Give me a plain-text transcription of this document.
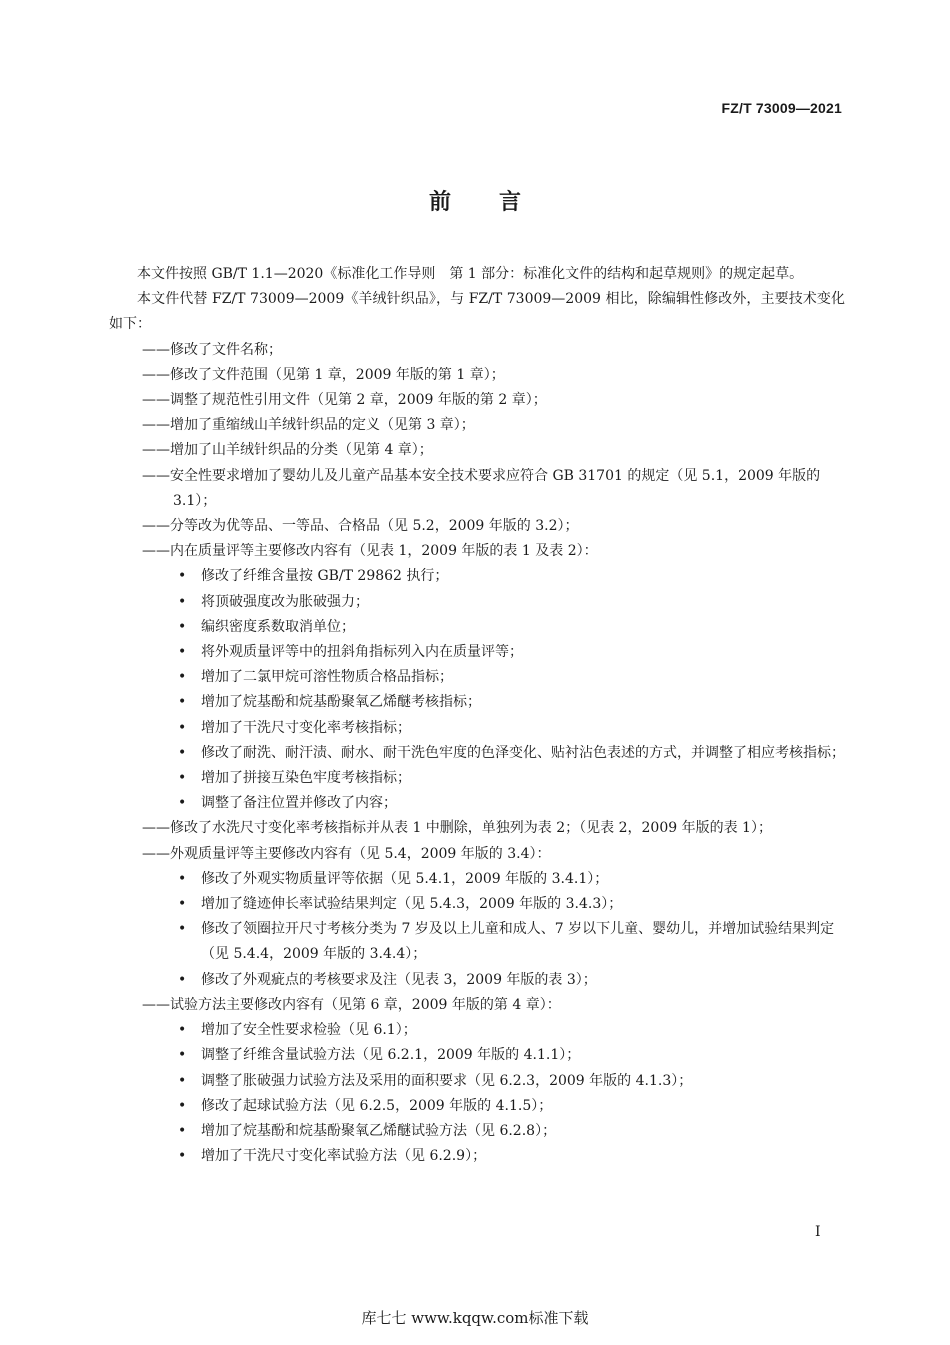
FZ/T 73009—2021
前言

本文件按照 GB/T 1.1—2020《标准化工作导则　第 1 部分：标准化文件的结构和起草规则》的规定起草。

本文件代替 FZ/T 73009—2009《羊绒针织品》，与 FZ/T 73009—2009 相比，除编辑性修改外，主要技术变化如下：

——修改了文件名称；
——修改了文件范围（见第 1 章，2009 年版的第 1 章）；
——调整了规范性引用文件（见第 2 章，2009 年版的第 2 章）；
——增加了重缩绒山羊绒针织品的定义（见第 3 章）；
——增加了山羊绒针织品的分类（见第 4 章）；
——安全性要求增加了婴幼儿及儿童产品基本安全技术要求应符合 GB 31701 的规定（见 5.1，2009 年版的 3.1）；
——分等改为优等品、一等品、合格品（见 5.2，2009 年版的 3.2）；
——内在质量评等主要修改内容有（见表 1，2009 年版的表 1 及表 2）：
• 修改了纤维含量按 GB/T 29862 执行；
• 将顶破强度改为胀破强力；
• 编织密度系数取消单位；
• 将外观质量评等中的扭斜角指标列入内在质量评等；
• 增加了二氯甲烷可溶性物质合格品指标；
• 增加了烷基酚和烷基酚聚氧乙烯醚考核指标；
• 增加了干洗尺寸变化率考核指标；
• 修改了耐洗、耐汗渍、耐水、耐干洗色牢度的色泽变化、贴衬沾色表述的方式，并调整了相应考核指标；
• 增加了拼接互染色牢度考核指标；
• 调整了备注位置并修改了内容；
——修改了水洗尺寸变化率考核指标并从表 1 中删除，单独列为表 2；（见表 2，2009 年版的表 1）；
——外观质量评等主要修改内容有（见 5.4，2009 年版的 3.4）：
• 修改了外观实物质量评等依据（见 5.4.1，2009 年版的 3.4.1）；
• 增加了缝迹伸长率试验结果判定（见 5.4.3，2009 年版的 3.4.3）；
• 修改了领圈拉开尺寸考核分类为 7 岁及以上儿童和成人、7 岁以下儿童、婴幼儿，并增加试验结果判定（见 5.4.4，2009 年版的 3.4.4）；
• 修改了外观疵点的考核要求及注（见表 3，2009 年版的表 3）；
——试验方法主要修改内容有（见第 6 章，2009 年版的第 4 章）：
• 增加了安全性要求检验（见 6.1）；
• 调整了纤维含量试验方法（见 6.2.1，2009 年版的 4.1.1）；
• 调整了胀破强力试验方法及采用的面积要求（见 6.2.3，2009 年版的 4.1.3）；
• 修改了起球试验方法（见 6.2.5，2009 年版的 4.1.5）；
• 增加了烷基酚和烷基酚聚氧乙烯醚试验方法（见 6.2.8）；
• 增加了干洗尺寸变化率试验方法（见 6.2.9）；
I
库七七 www.kqqw.com标准下载
